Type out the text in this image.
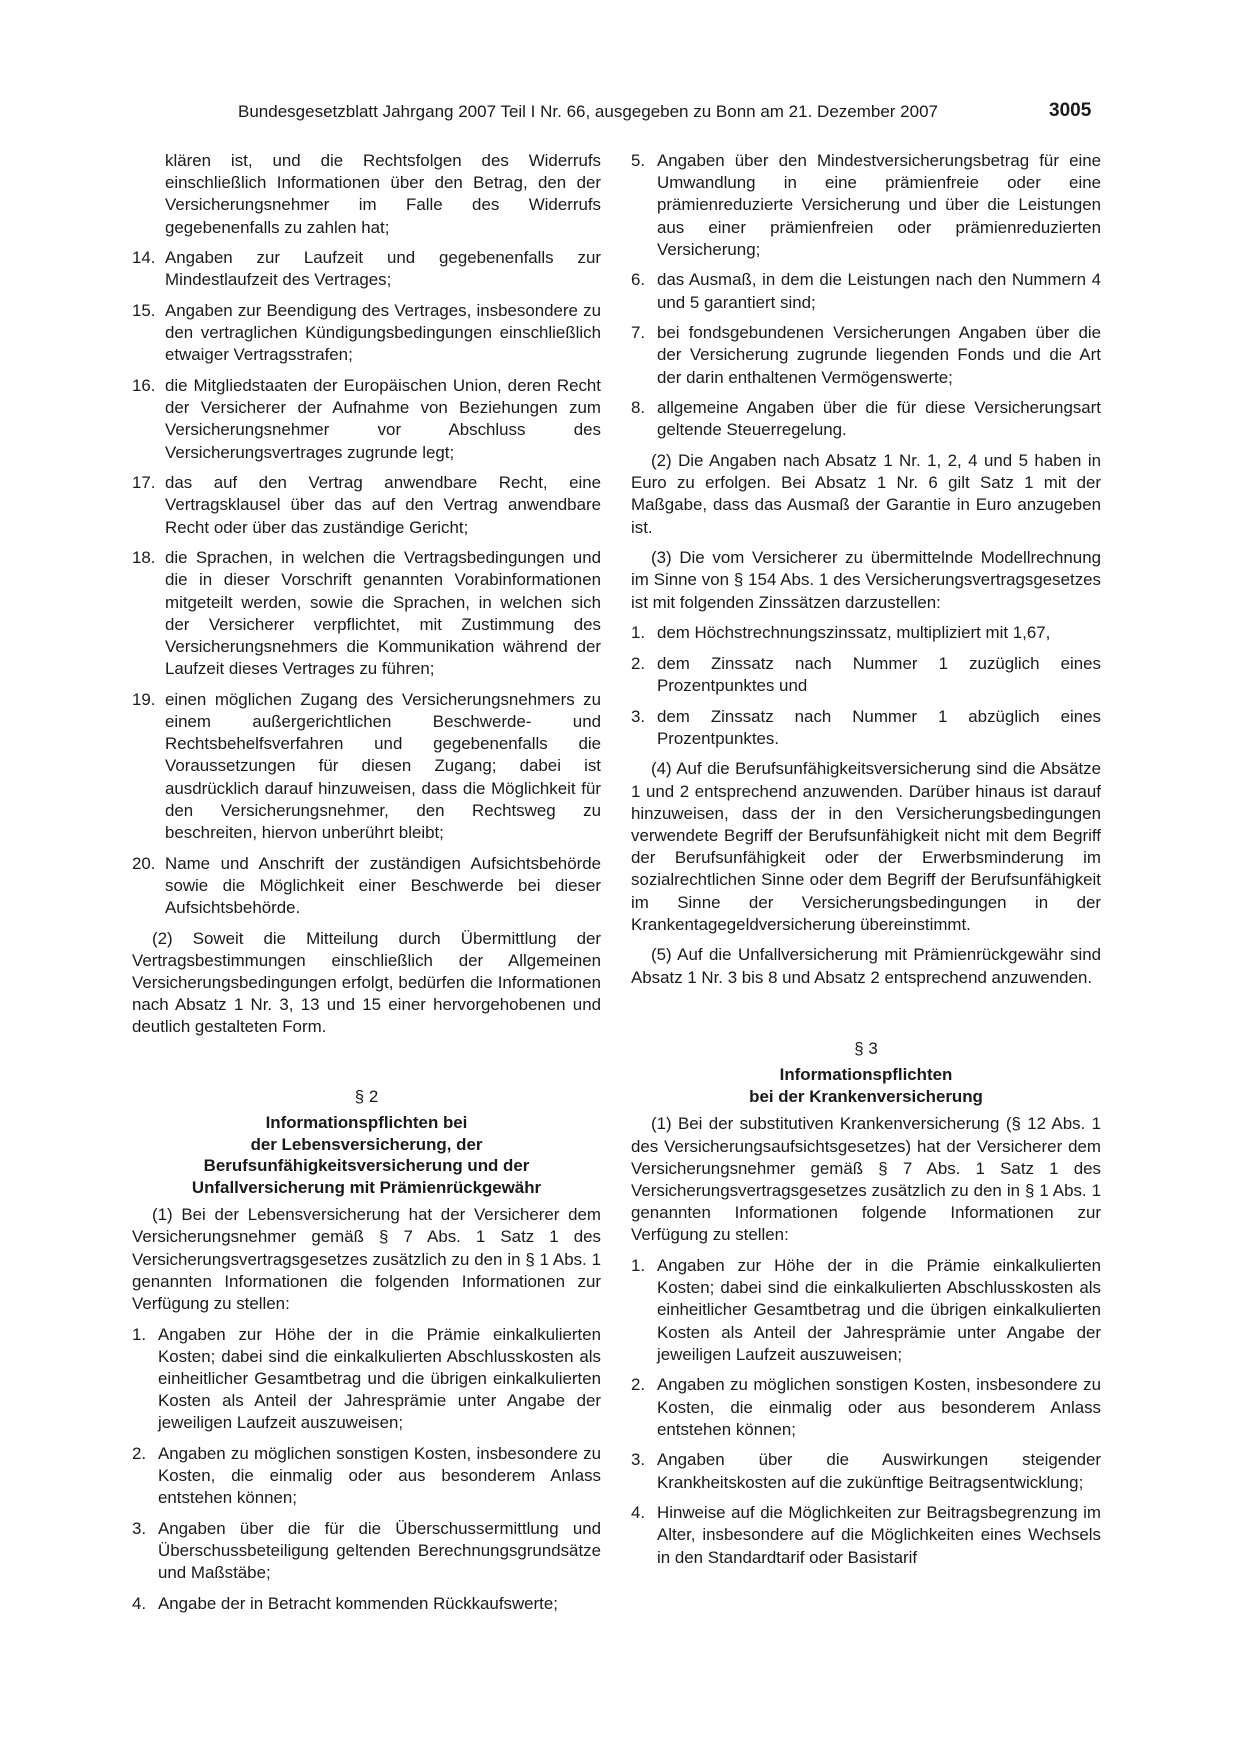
Bundesgesetzblatt Jahrgang 2007 Teil I Nr. 66, ausgegeben zu Bonn am 21. Dezember 2007	3005

klären ist, und die Rechtsfolgen des Widerrufs einschließlich Informationen über den Betrag, den der Versicherungsnehmer im Falle des Widerrufs gegebenenfalls zu zahlen hat;

14. Angaben zur Laufzeit und gegebenenfalls zur Mindestlaufzeit des Vertrages;
15. Angaben zur Beendigung des Vertrages, insbesondere zu den vertraglichen Kündigungsbedingungen einschließlich etwaiger Vertragsstrafen;
16. die Mitgliedstaaten der Europäischen Union, deren Recht der Versicherer der Aufnahme von Beziehungen zum Versicherungsnehmer vor Abschluss des Versicherungsvertrages zugrunde legt;
17. das auf den Vertrag anwendbare Recht, eine Vertragsklausel über das auf den Vertrag anwendbare Recht oder über das zuständige Gericht;
18. die Sprachen, in welchen die Vertragsbedingungen und die in dieser Vorschrift genannten Vorabinformationen mitgeteilt werden, sowie die Sprachen, in welchen sich der Versicherer verpflichtet, mit Zustimmung des Versicherungsnehmers die Kommunikation während der Laufzeit dieses Vertrages zu führen;
19. einen möglichen Zugang des Versicherungsnehmers zu einem außergerichtlichen Beschwerde- und Rechtsbehelfsverfahren und gegebenenfalls die Voraussetzungen für diesen Zugang; dabei ist ausdrücklich darauf hinzuweisen, dass die Möglichkeit für den Versicherungsnehmer, den Rechtsweg zu beschreiten, hiervon unberührt bleibt;
20. Name und Anschrift der zuständigen Aufsichtsbehörde sowie die Möglichkeit einer Beschwerde bei dieser Aufsichtsbehörde.

(2) Soweit die Mitteilung durch Übermittlung der Vertragsbestimmungen einschließlich der Allgemeinen Versicherungsbedingungen erfolgt, bedürfen die Informationen nach Absatz 1 Nr. 3, 13 und 15 einer hervorgehobenen und deutlich gestalteten Form.

§ 2
Informationspflichten bei
der Lebensversicherung, der
Berufsunfähigkeitsversicherung und der
Unfallversicherung mit Prämienrückgewähr

(1) Bei der Lebensversicherung hat der Versicherer dem Versicherungsnehmer gemäß § 7 Abs. 1 Satz 1 des Versicherungsvertragsgesetzes zusätzlich zu den in § 1 Abs. 1 genannten Informationen die folgenden Informationen zur Verfügung zu stellen:

1. Angaben zur Höhe der in die Prämie einkalkulierten Kosten; dabei sind die einkalkulierten Abschlusskosten als einheitlicher Gesamtbetrag und die übrigen einkalkulierten Kosten als Anteil der Jahresprämie unter Angabe der jeweiligen Laufzeit auszuweisen;
2. Angaben zu möglichen sonstigen Kosten, insbesondere zu Kosten, die einmalig oder aus besonderem Anlass entstehen können;
3. Angaben über die für die Überschussermittlung und Überschussbeteiligung geltenden Berechnungsgrundsätze und Maßstäbe;
4. Angabe der in Betracht kommenden Rückkaufswerte;
5. Angaben über den Mindestversicherungsbetrag für eine Umwandlung in eine prämienfreie oder eine prämienreduzierte Versicherung und über die Leistungen aus einer prämienfreien oder prämienreduzierten Versicherung;
6. das Ausmaß, in dem die Leistungen nach den Nummern 4 und 5 garantiert sind;
7. bei fondsgebundenen Versicherungen Angaben über die der Versicherung zugrunde liegenden Fonds und die Art der darin enthaltenen Vermögenswerte;
8. allgemeine Angaben über die für diese Versicherungsart geltende Steuerregelung.

(2) Die Angaben nach Absatz 1 Nr. 1, 2, 4 und 5 haben in Euro zu erfolgen. Bei Absatz 1 Nr. 6 gilt Satz 1 mit der Maßgabe, dass das Ausmaß der Garantie in Euro anzugeben ist.

(3) Die vom Versicherer zu übermittelnde Modellrechnung im Sinne von § 154 Abs. 1 des Versicherungsvertragsgesetzes ist mit folgenden Zinssätzen darzustellen:

1. dem Höchstrechnungszinssatz, multipliziert mit 1,67,
2. dem Zinssatz nach Nummer 1 zuzüglich eines Prozentpunktes und
3. dem Zinssatz nach Nummer 1 abzüglich eines Prozentpunktes.

(4) Auf die Berufsunfähigkeitsversicherung sind die Absätze 1 und 2 entsprechend anzuwenden. Darüber hinaus ist darauf hinzuweisen, dass der in den Versicherungsbedingungen verwendete Begriff der Berufsunfähigkeit nicht mit dem Begriff der Berufsunfähigkeit oder der Erwerbsminderung im sozialrechtlichen Sinne oder dem Begriff der Berufsunfähigkeit im Sinne der Versicherungsbedingungen in der Krankentagegeldversicherung übereinstimmt.

(5) Auf die Unfallversicherung mit Prämienrückgewähr sind Absatz 1 Nr. 3 bis 8 und Absatz 2 entsprechend anzuwenden.

§ 3
Informationspflichten
bei der Krankenversicherung

(1) Bei der substitutiven Krankenversicherung (§ 12 Abs. 1 des Versicherungsaufsichtsgesetzes) hat der Versicherer dem Versicherungsnehmer gemäß § 7 Abs. 1 Satz 1 des Versicherungsvertragsgesetzes zusätzlich zu den in § 1 Abs. 1 genannten Informationen folgende Informationen zur Verfügung zu stellen:

1. Angaben zur Höhe der in die Prämie einkalkulierten Kosten; dabei sind die einkalkulierten Abschlusskosten als einheitlicher Gesamtbetrag und die übrigen einkalkulierten Kosten als Anteil der Jahresprämie unter Angabe der jeweiligen Laufzeit auszuweisen;
2. Angaben zu möglichen sonstigen Kosten, insbesondere zu Kosten, die einmalig oder aus besonderem Anlass entstehen können;
3. Angaben über die Auswirkungen steigender Krankheitskosten auf die zukünftige Beitragsentwicklung;
4. Hinweise auf die Möglichkeiten zur Beitragsbegrenzung im Alter, insbesondere auf die Möglichkeiten eines Wechsels in den Standardtarif oder Basistarif
